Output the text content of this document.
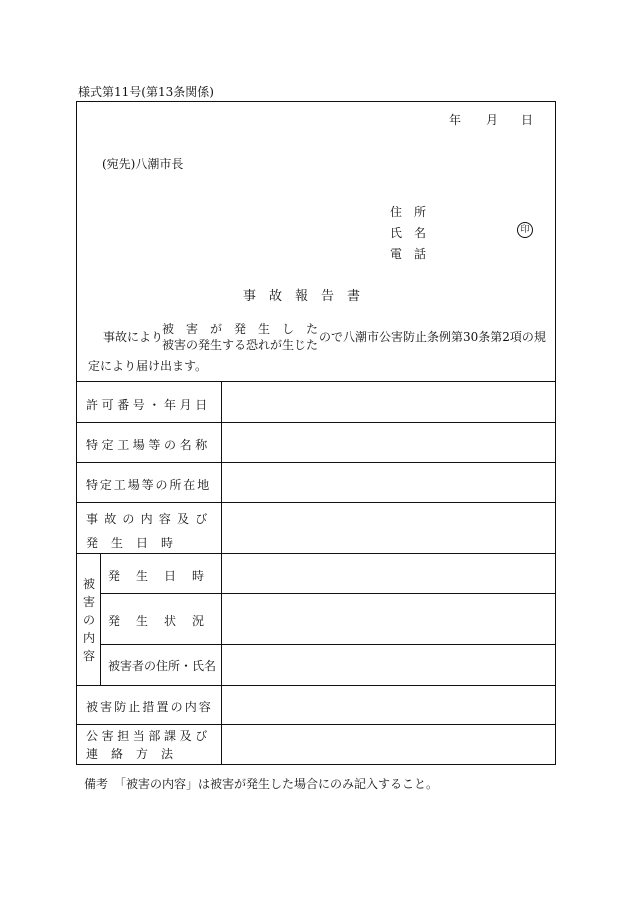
様式第11号(第13条関係)
年 月 日
(宛先)八潮市長
住　所
氏　名	印
電　話
事　故　報　告　書
事故により
被　害　が　発　生　し　た
被害の発生する恐れが生じた
ので八潮市公害防止条例第30条第2項の規
定により届け出ます。
許可番号・年月日
特定工場等の名称
特定工場等の所在地
事故の内容及び
発　生　日　時
被
害
の
内
容
発　生　日　時
発　生　状　況
被害者の住所・氏名
被害防止措置の内容
公害担当部課及び
連　絡　方　法
備考　「被害の内容」は被害が発生した場合にのみ記入すること。
